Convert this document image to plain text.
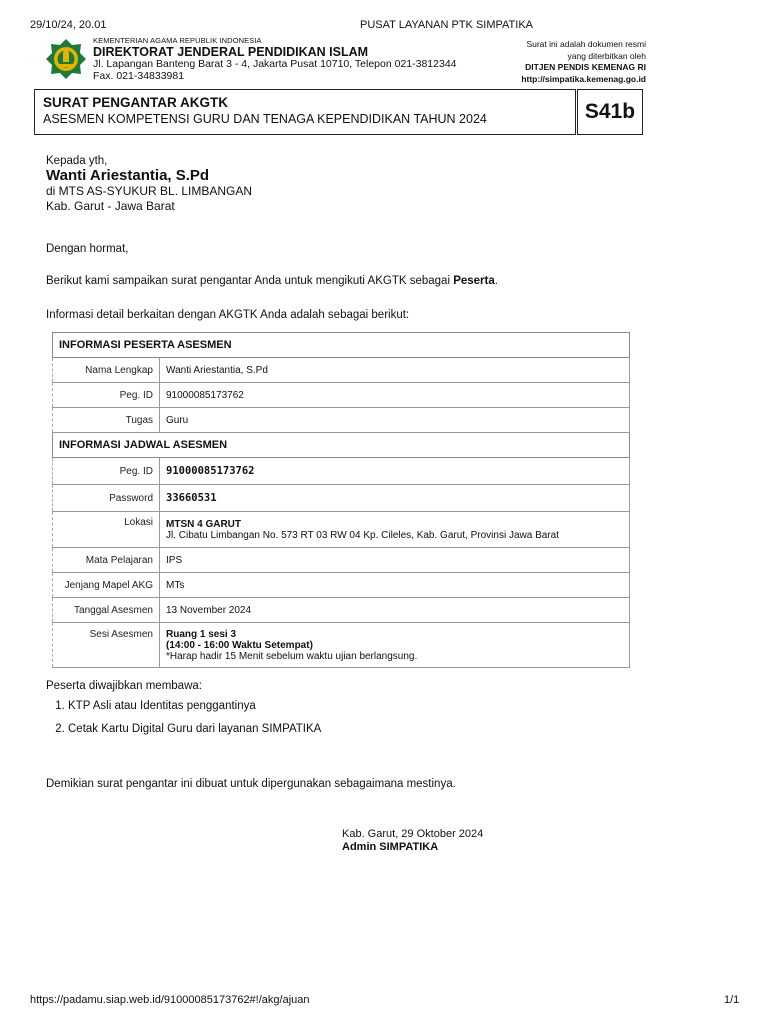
29/10/24, 20.01	PUSAT LAYANAN PTK SIMPATIKA
KEMENTERIAN AGAMA REPUBLIK INDONESIA
DIREKTORAT JENDERAL PENDIDIKAN ISLAM
Jl. Lapangan Banteng Barat 3 - 4, Jakarta Pusat 10710, Telepon 021-3812344
Fax. 021-34833981
Surat ini adalah dokumen resmi
yang diterbitkan oleh
DITJEN PENDIS KEMENAG RI
http://simpatika.kemenag.go.id
SURAT PENGANTAR AKGTK
ASESMEN KOMPETENSI GURU DAN TENAGA KEPENDIDIKAN TAHUN 2024	S41b
Kepada yth,
Wanti Ariestantia, S.Pd
di MTS AS-SYUKUR BL. LIMBANGAN
Kab. Garut - Jawa Barat
Dengan hormat,
Berikut kami sampaikan surat pengantar Anda untuk mengikuti AKGTK sebagai Peserta.
Informasi detail berkaitan dengan AKGTK Anda adalah sebagai berikut:
INFORMASI PESERTA ASESMEN	
Nama Lengkap	Wanti Ariestantia, S.Pd
Peg. ID	91000085173762
Tugas	Guru
INFORMASI JADWAL ASESMEN	
Peg. ID	91000085173762
Password	33660531
Lokasi	MTSN 4 GARUT
Jl. Cibatu Limbangan No. 573 RT 03 RW 04 Kp. Cileles, Kab. Garut, Provinsi Jawa Barat

Mata Pelajaran	IPS
Jenjang Mapel AKG	MTs
Tanggal Asesmen	13 November 2024
Sesi Asesmen	Ruang 1 sesi 3
(14:00 - 16:00 Waktu Setempat)
*Harap hadir 15 Menit sebelum waktu ujian berlangsung.
Peserta diwajibkan membawa:
1. KTP Asli atau Identitas penggantinya
2. Cetak Kartu Digital Guru dari layanan SIMPATIKA
Demikian surat pengantar ini dibuat untuk dipergunakan sebagaimana mestinya.
Kab. Garut, 29 Oktober 2024
Admin SIMPATIKA
https://padamu.siap.web.id/91000085173762#!/akg/ajuan	1/1
